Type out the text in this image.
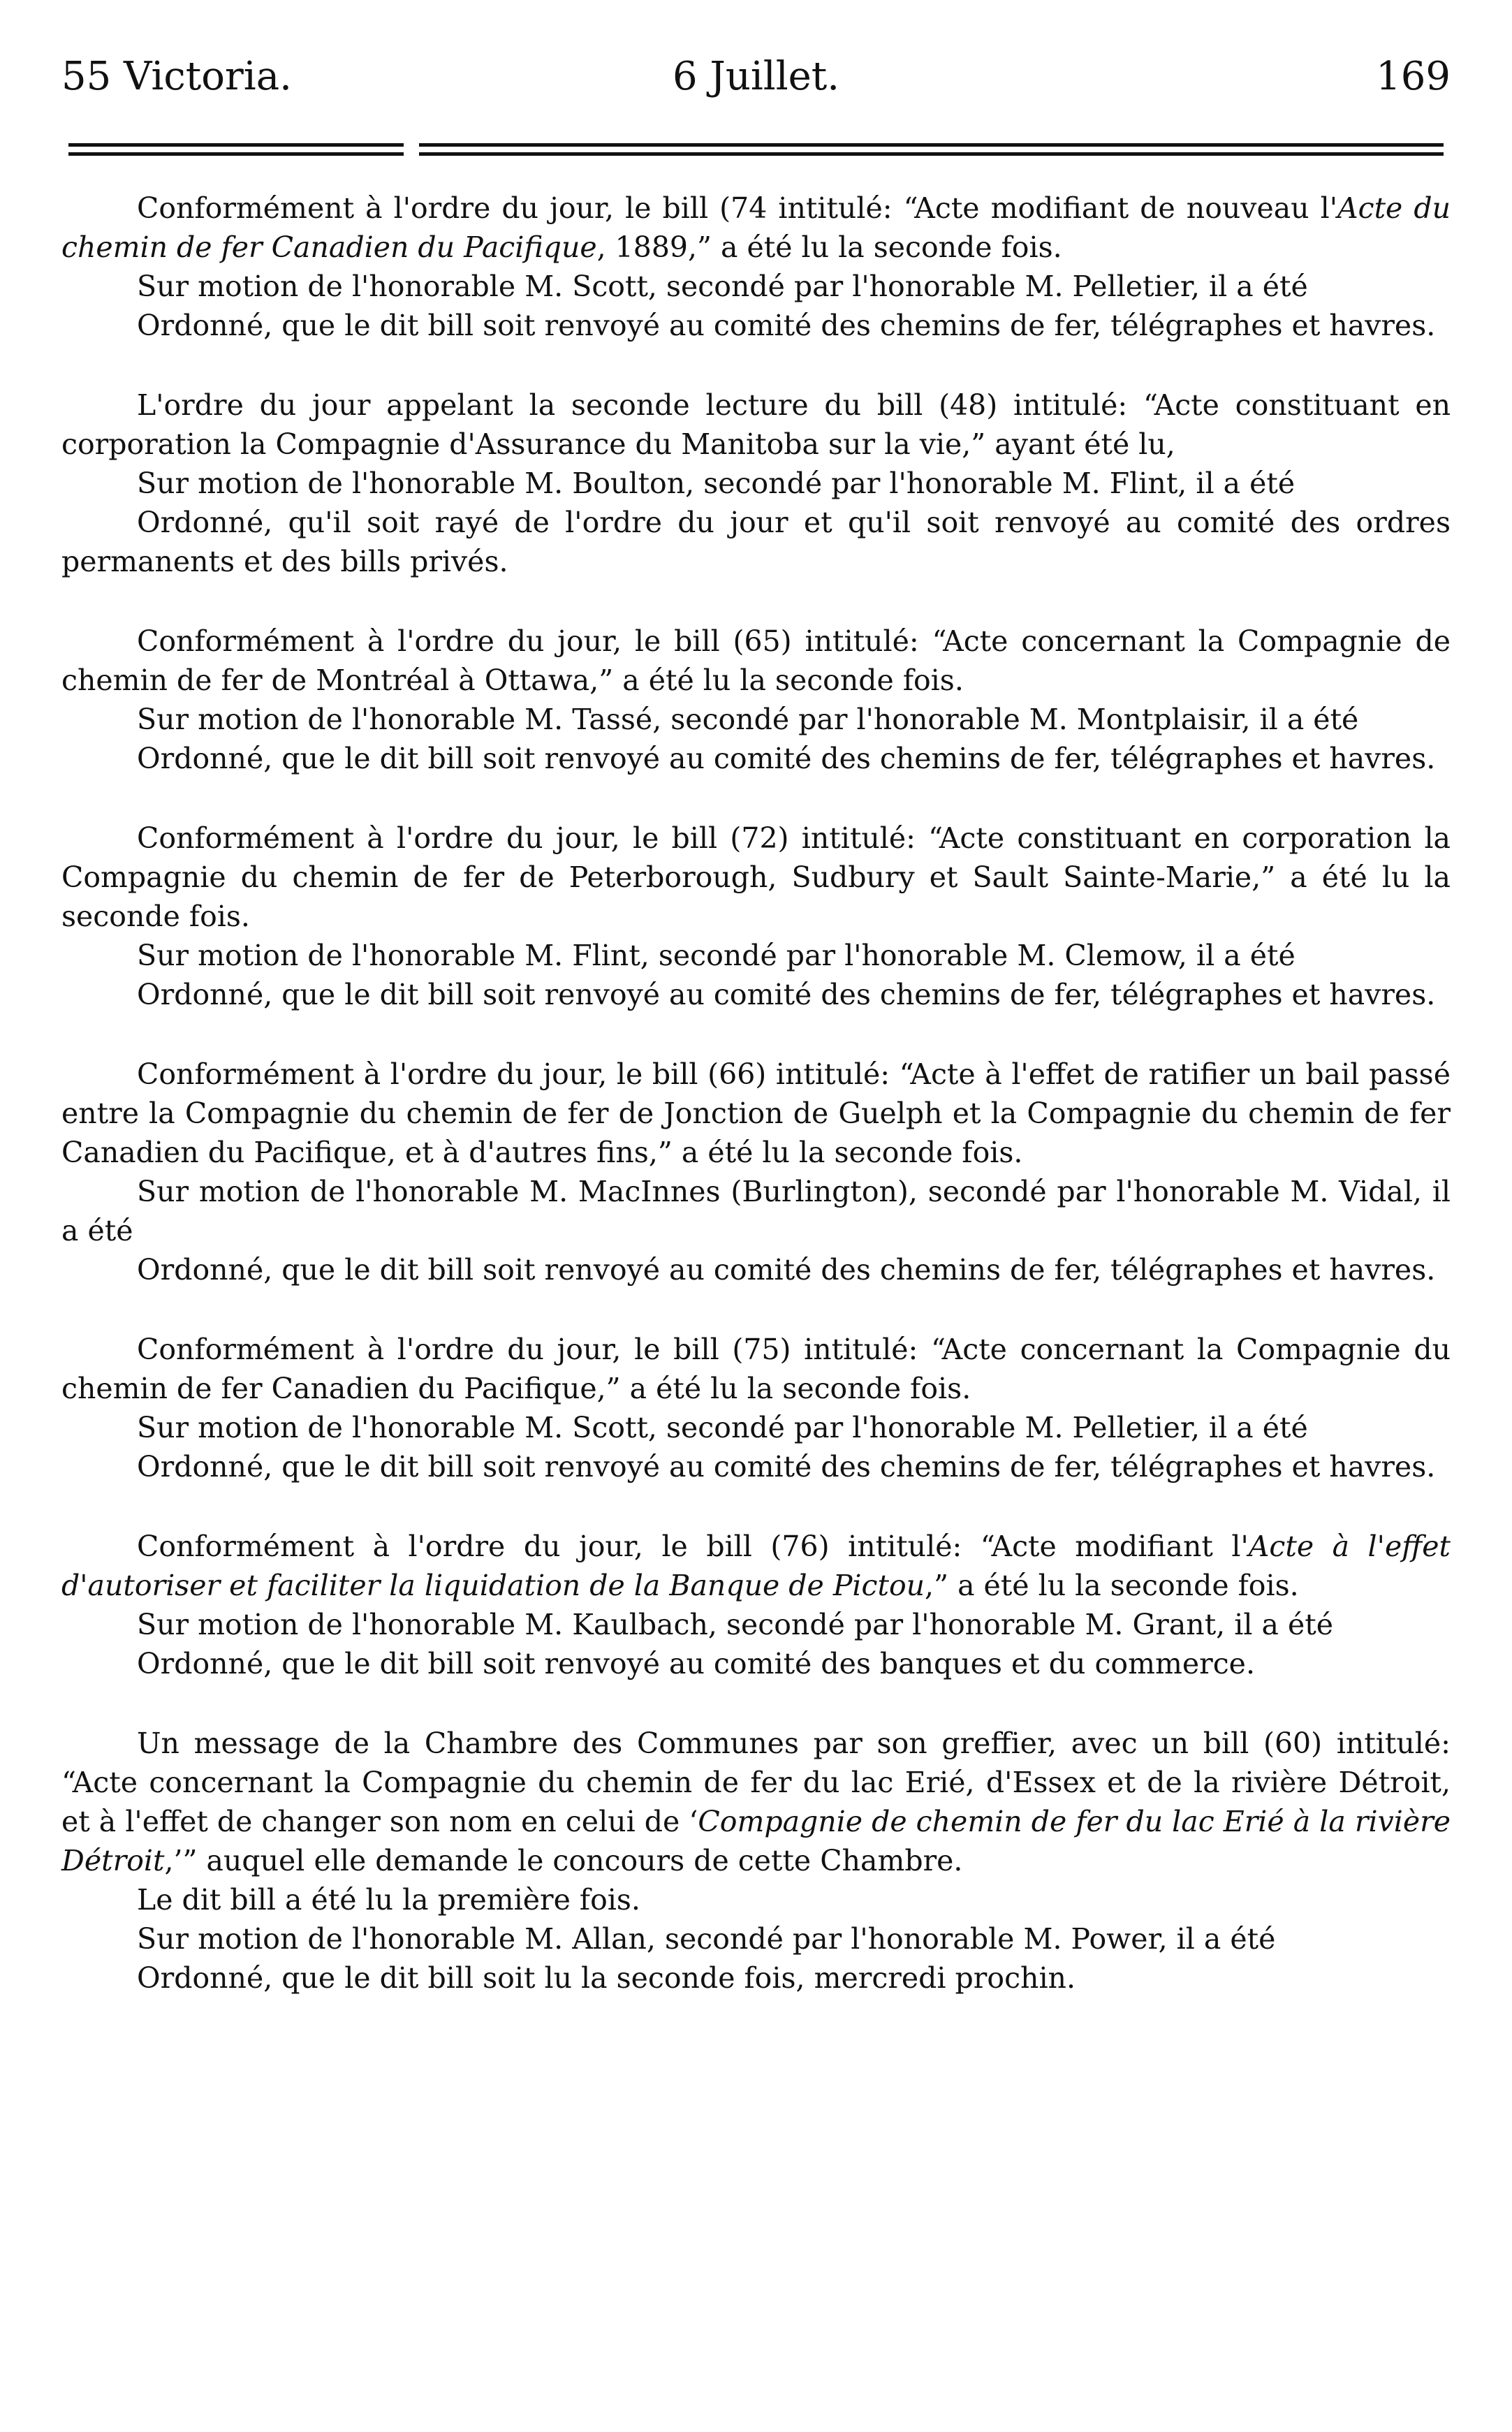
55 Victoria.	6 Juillet.	169

Conformément à l'ordre du jour, le bill (74 intitulé: “Acte modifiant de nouveau l'Acte du chemin de fer Canadien du Pacifique, 1889,” a été lu la seconde fois.

Sur motion de l'honorable M. Scott, secondé par l'honorable M. Pelletier, il a été

Ordonné, que le dit bill soit renvoyé au comité des chemins de fer, télégraphes et havres.

L'ordre du jour appelant la seconde lecture du bill (48) intitulé: “Acte constituant en corporation la Compagnie d'Assurance du Manitoba sur la vie,” ayant été lu,

Sur motion de l'honorable M. Boulton, secondé par l'honorable M. Flint, il a été

Ordonné, qu'il soit rayé de l'ordre du jour et qu'il soit renvoyé au comité des ordres permanents et des bills privés.

Conformément à l'ordre du jour, le bill (65) intitulé: “Acte concernant la Compagnie de chemin de fer de Montréal à Ottawa,” a été lu la seconde fois.

Sur motion de l'honorable M. Tassé, secondé par l'honorable M. Montplaisir, il a été

Ordonné, que le dit bill soit renvoyé au comité des chemins de fer, télégraphes et havres.

Conformément à l'ordre du jour, le bill (72) intitulé: “Acte constituant en corporation la Compagnie du chemin de fer de Peterborough, Sudbury et Sault Sainte-Marie,” a été lu la seconde fois.

Sur motion de l'honorable M. Flint, secondé par l'honorable M. Clemow, il a été

Ordonné, que le dit bill soit renvoyé au comité des chemins de fer, télégraphes et havres.

Conformément à l'ordre du jour, le bill (66) intitulé: “Acte à l'effet de ratifier un bail passé entre la Compagnie du chemin de fer de Jonction de Guelph et la Compagnie du chemin de fer Canadien du Pacifique, et à d'autres fins,” a été lu la seconde fois.

Sur motion de l'honorable M. MacInnes (Burlington), secondé par l'honorable M. Vidal, il a été

Ordonné, que le dit bill soit renvoyé au comité des chemins de fer, télégraphes et havres.

Conformément à l'ordre du jour, le bill (75) intitulé: “Acte concernant la Compagnie du chemin de fer Canadien du Pacifique,” a été lu la seconde fois.

Sur motion de l'honorable M. Scott, secondé par l'honorable M. Pelletier, il a été

Ordonné, que le dit bill soit renvoyé au comité des chemins de fer, télégraphes et havres.

Conformément à l'ordre du jour, le bill (76) intitulé: “Acte modifiant l'Acte à l'effet d'autoriser et faciliter la liquidation de la Banque de Pictou,” a été lu la seconde fois.

Sur motion de l'honorable M. Kaulbach, secondé par l'honorable M. Grant, il a été

Ordonné, que le dit bill soit renvoyé au comité des banques et du commerce.

Un message de la Chambre des Communes par son greffier, avec un bill (60) intitulé: “Acte concernant la Compagnie du chemin de fer du lac Erié, d'Essex et de la rivière Détroit, et à l'effet de changer son nom en celui de ‘Compagnie de chemin de fer du lac Erié à la rivière Détroit,’” auquel elle demande le concours de cette Chambre.

Le dit bill a été lu la première fois.

Sur motion de l'honorable M. Allan, secondé par l'honorable M. Power, il a été

Ordonné, que le dit bill soit lu la seconde fois, mercredi prochin.
